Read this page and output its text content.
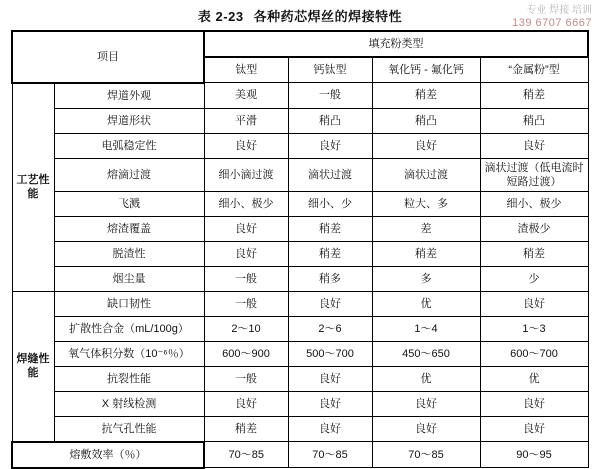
专业 焊接 培训
139 6707 6667
表 2-23 各种药芯焊丝的焊接特性
项目		填充粉类型			
		钛型	钙钛型	氧化钙 - 氟化钙	“金属粉”型
工艺性能	焊道外观	美观	一般	稍差	稍差
	焊道形状	平滑	稍凸	稍凸	稍凸
	电弧稳定性	良好	良好	良好	良好
	熔滴过渡	细小滴过渡	滴状过渡	滴状过渡	滴状过渡（低电流时短路过渡）
	飞溅	细小、极少	细小、少	粒大、多	细小、极少
	熔渣覆盖	良好	稍差	差	渣极少
	脱渣性	良好	稍差	稍差	稍差
	烟尘量	一般	稍多	多	少
焊缝性能	缺口韧性	一般	良好	优	良好
	扩散性合金（mL/100g）	2～10	2～6	1～4	1～3
	氧气体积分数（10⁻⁶％）	600～900	500～700	450～650	600～700
	抗裂性能	一般	良好	优	优
	X 射线检测	良好	良好	良好	良好
	抗气孔性能	稍差	良好	良好	良好
熔敷效率（％）		70～85	70～85	70～85	90～95
